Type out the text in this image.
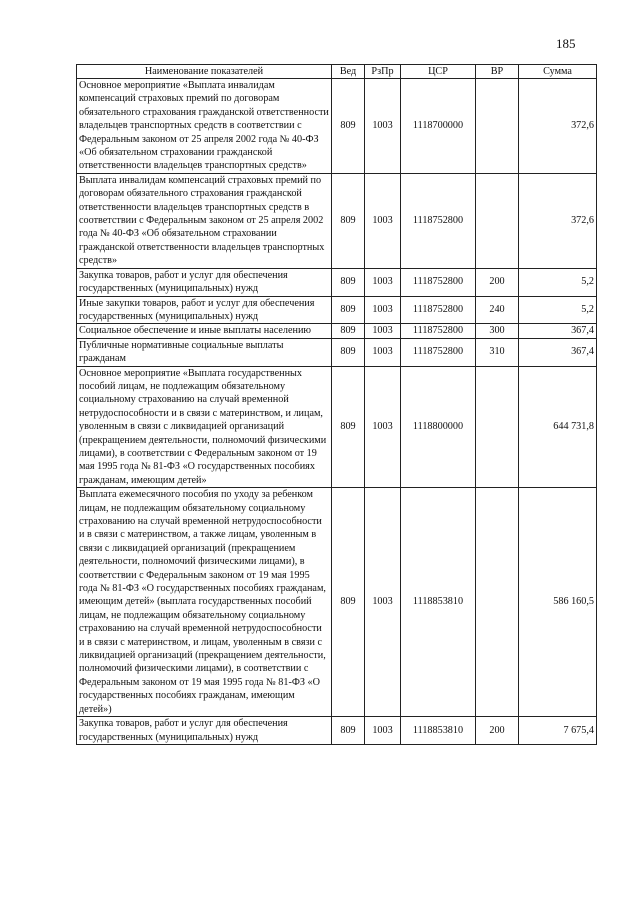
185
Наименование показателей	Вед	РзПр	ЦСР	ВР	Сумма
Основное мероприятие «Выплата инвалидам компенсаций страховых премий по договорам обязательного страхования гражданской ответственности владельцев транспортных средств в соответствии с Федеральным законом от 25 апреля 2002 года № 40-ФЗ «Об обязательном страховании гражданской ответственности владельцев транспортных средств»	809	1003	1118700000		372,6
Выплата инвалидам компенсаций страховых премий по договорам обязательного страхования гражданской ответственности владельцев транспортных средств в соответствии с Федеральным законом от 25 апреля 2002 года № 40-ФЗ «Об обязательном страховании гражданской ответственности владельцев транспортных средств»	809	1003	1118752800		372,6
Закупка товаров, работ и услуг для обеспечения государственных (муниципальных) нужд	809	1003	1118752800	200	5,2
Иные закупки товаров, работ и услуг для обеспечения государственных (муниципальных) нужд	809	1003	1118752800	240	5,2
Социальное обеспечение и иные выплаты населению	809	1003	1118752800	300	367,4
Публичные нормативные социальные выплаты гражданам	809	1003	1118752800	310	367,4
Основное мероприятие «Выплата государственных пособий лицам, не подлежащим обязательному социальному страхованию на случай временной нетрудоспособности и в связи с материнством, и лицам, уволенным в связи с ликвидацией организаций (прекращением деятельности, полномочий физическими лицами), в соответствии с Федеральным законом от 19 мая 1995 года № 81-ФЗ «О государственных пособиях гражданам, имеющим детей»	809	1003	1118800000		644 731,8
Выплата ежемесячного пособия по уходу за ребенком лицам, не подлежащим обязательному социальному страхованию на случай временной нетрудоспособности и в связи с материнством, а также лицам, уволенным в связи с ликвидацией организаций (прекращением деятельности, полномочий физическими лицами), в соответствии с Федеральным законом от 19 мая 1995 года № 81-ФЗ «О государственных пособиях гражданам, имеющим детей» (выплата государственных пособий лицам, не подлежащим обязательному социальному страхованию на случай временной нетрудоспособности и в связи с материнством, и лицам, уволенным в связи с ликвидацией организаций (прекращением деятельности, полномочий физическими лицами), в соответствии с Федеральным законом от 19 мая 1995 года № 81-ФЗ «О государственных пособиях гражданам, имеющим детей»)	809	1003	1118853810		586 160,5
Закупка товаров, работ и услуг для обеспечения государственных (муниципальных) нужд	809	1003	1118853810	200	7 675,4
